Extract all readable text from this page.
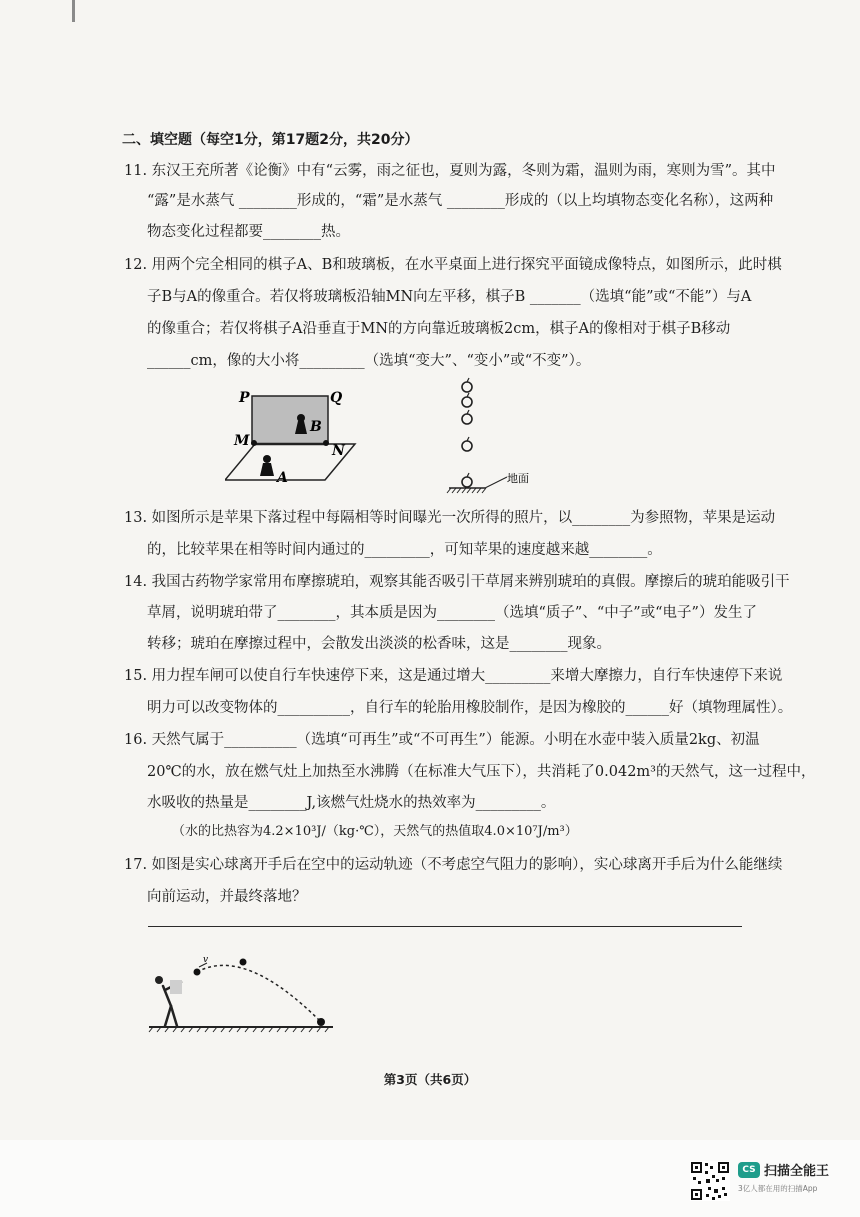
二、填空题（每空1分，第17题2分，共20分）
11. 东汉王充所著《论衡》中有“云雾，雨之征也，夏则为露，冬则为霜，温则为雨，寒则为雪”。其中
“露”是水蒸气 ________形成的，“霜”是水蒸气 ________形成的（以上均填物态变化名称），这两种
物态变化过程都要________热。
12. 用两个完全相同的棋子A、B和玻璃板，在水平桌面上进行探究平面镜成像特点，如图所示，此时棋
子B与A的像重合。若仅将玻璃板沿轴MN向左平移，棋子B _______（选填“能”或“不能”）与A
的像重合；若仅将棋子A沿垂直于MN的方向靠近玻璃板2cm，棋子A的像相对于棋子B移动
______cm，像的大小将_________（选填“变大”、“变小”或“不变”）。
P	Q
M
N
B
A	地面
13. 如图所示是苹果下落过程中每隔相等时间曝光一次所得的照片，以________为参照物，苹果是运动
的，比较苹果在相等时间内通过的_________，可知苹果的速度越来越________。
14. 我国古药物学家常用布摩擦琥珀，观察其能否吸引干草屑来辨别琥珀的真假。摩擦后的琥珀能吸引干
草屑，说明琥珀带了________，其本质是因为________（选填“质子”、“中子”或“电子”）发生了
转移；琥珀在摩擦过程中，会散发出淡淡的松香味，这是________现象。
15. 用力捏车闸可以使自行车快速停下来，这是通过增大_________来增大摩擦力，自行车快速停下来说
明力可以改变物体的__________，自行车的轮胎用橡胶制作，是因为橡胶的______好（填物理属性）。
16. 天然气属于__________（选填“可再生”或“不可再生”）能源。小明在水壶中装入质量2kg、初温
20℃的水，放在燃气灶上加热至水沸腾（在标准大气压下），共消耗了0.042m³的天然气，这一过程中，
水吸收的热量是________J,该燃气灶烧水的热效率为_________。
（水的比热容为4.2×10³J/（kg·℃），天然气的热值取4.0×10⁷J/m³）
17. 如图是实心球离开手后在空中的运动轨迹（不考虑空气阻力的影响），实心球离开手后为什么能继续
向前运动，并最终落地？
v
第3页（共6页）
CS 扫描全能王
3亿人都在用的扫描App
